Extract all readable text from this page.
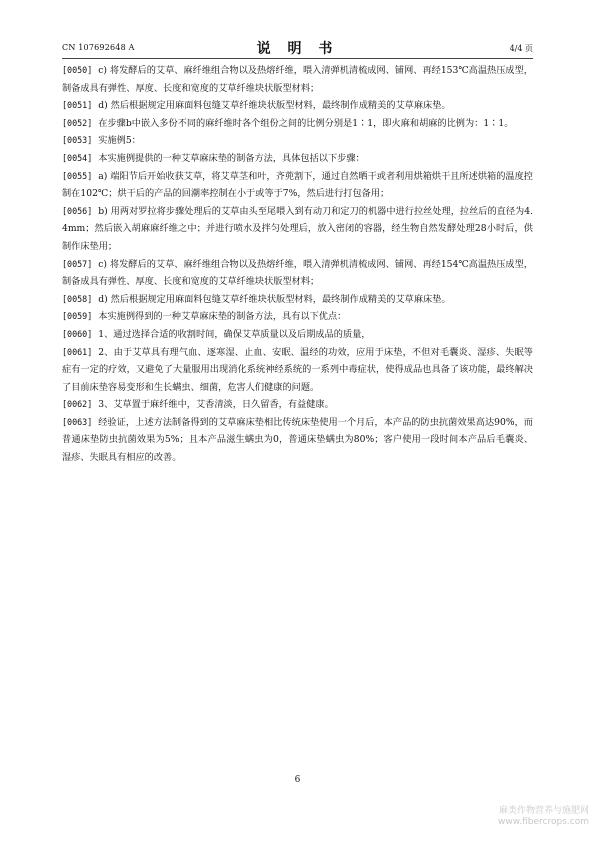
CN 107692648 A	说 明 书	4/4 页

[0050] c) 将发酵后的艾草、麻纤维组合物以及热熔纤维，喂入清弹机清梳成网、铺网、再经153℃高温热压成型，制备成具有弹性、厚度、长度和宽度的艾草纤维块状版型材料；

[0051] d) 然后根据规定用麻面料包缝艾草纤维块状版型材料，最终制作成精美的艾草麻床垫。

[0052] 在步骤b中嵌入多份不同的麻纤维时各个组份之间的比例分别是1∶1，即火麻和胡麻的比例为：1∶1。

[0053] 实施例5：

[0054] 本实施例提供的一种艾草麻床垫的制备方法，具体包括以下步骤：

[0055] a) 端阳节后开始收获艾草，将艾草茎和叶，齐蔸割下，通过自然晒干或者利用烘箱烘干且所述烘箱的温度控制在102℃；烘干后的产品的回潮率控制在小于或等于7%，然后进行打包备用；

[0056] b) 用两对罗拉将步骤处理后的艾草由头至尾喂入到有动刀和定刀的机器中进行拉丝处理，拉丝后的直径为4.4mm；然后嵌入胡麻麻纤维之中；并进行喷水及拌匀处理后，放入密闭的容器，经生物自然发酵处理28小时后，供制作床垫用；

[0057] c) 将发酵后的艾草、麻纤维组合物以及热熔纤维，喂入清弹机清梳成网、铺网、再经154℃高温热压成型，制备成具有弹性、厚度、长度和宽度的艾草纤维块状版型材料；

[0058] d) 然后根据规定用麻面料包缝艾草纤维块状版型材料，最终制作成精美的艾草麻床垫。

[0059] 本实施例得到的一种艾草麻床垫的制备方法，具有以下优点：

[0060] 1、通过选择合适的收割时间，确保艾草质量以及后期成品的质量，

[0061] 2、由于艾草具有理气血、逐寒湿、止血、安眠、温经的功效，应用于床垫，不但对毛囊炎、湿疹、失眠等症有一定的疗效，又避免了大量服用出现消化系统神经系统的一系列中毒症状，使得成品也具备了该功能，最终解决了目前床垫容易变形和生长螨虫、细菌，危害人们健康的问题。

[0062] 3、艾草置于麻纤维中，艾香清淡，日久留香，有益健康。

[0063] 经验证，上述方法制备得到的艾草麻床垫相比传统床垫使用一个月后，本产品的防虫抗菌效果高达90%，而普通床垫防虫抗菌效果为5%；且本产品滋生螨虫为0，普通床垫螨虫为80%；客户使用一段时间本产品后毛囊炎、湿疹、失眠具有相应的改善。

6
麻类作物营养与施肥网
www.fibercrops.com
